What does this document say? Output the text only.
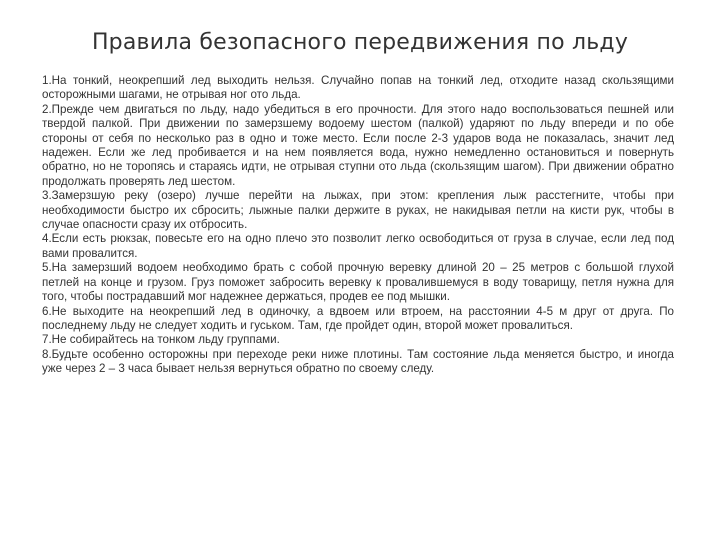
Правила безопасного передвижения по льду

1.На тонкий, неокрепший лед выходить нельзя. Случайно попав на тонкий лед, отходите назад скользящими осторожными шагами, не отрывая ног ото льда.

2.Прежде чем двигаться по льду, надо убедиться в его прочности. Для этого надо воспользоваться пешней или твердой палкой. При движении по замерзшему водоему шестом (палкой) ударяют по льду впереди и по обе стороны от себя по несколько раз в одно и тоже место. Если после 2-3 ударов вода не показалась, значит лед надежен. Если же лед пробивается и на нем появляется вода, нужно немедленно остановиться и повернуть обратно, но не торопясь и стараясь идти, не отрывая ступни ото льда (скользящим шагом). При движении обратно продолжать проверять лед шестом.

3.Замерзшую реку (озеро) лучше перейти на лыжах, при этом: крепления лыж расстегните, чтобы при необходимости быстро их сбросить; лыжные палки держите в руках, не накидывая петли на кисти рук, чтобы в случае опасности сразу их отбросить.

4.Если есть рюкзак, повесьте его на одно плечо это позволит легко освободиться от груза в случае, если лед под вами провалится.

5.На замерзший водоем необходимо брать с собой прочную веревку длиной 20 – 25 метров с большой глухой петлей на конце и грузом. Груз поможет забросить веревку к провалившемуся в воду товарищу, петля нужна для того, чтобы пострадавший мог надежнее держаться, продев ее под мышки.

6.Не выходите на неокрепший лед в одиночку, а вдвоем или втроем, на расстоянии 4-5 м друг от друга. По последнему льду не следует ходить и гуськом. Там, где пройдет один, второй может провалиться.

7.Не собирайтесь на тонком льду группами.

8.Будьте особенно осторожны при переходе реки ниже плотины. Там состояние льда меняется быстро, и иногда уже через 2 – 3 часа бывает нельзя вернуться обратно по своему следу.
